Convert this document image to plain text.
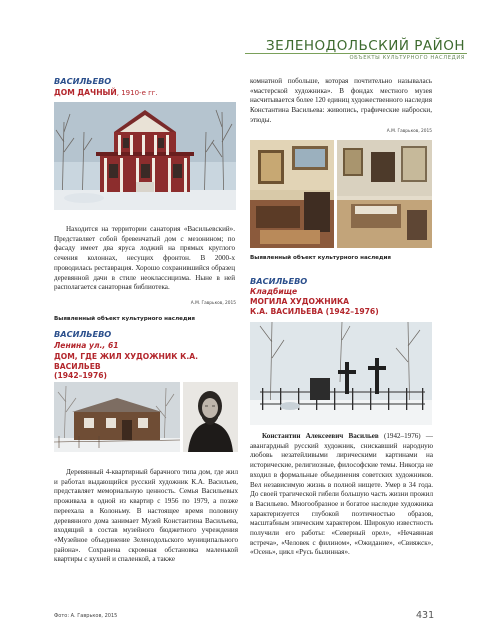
ЗЕЛЕНОДОЛЬСКИЙ РАЙОН
ОБЪЕКТЫ КУЛЬТУРНОГО НАСЛЕДИЯ
ВАСИЛЬЕВО
ДОМ ДАЧНЫЙ, 1910-е гг.
Находится на территории санатория «Васильевский». Представляет собой бревенчатый дом с мезонином; по фасаду имеет два яруса лоджий на прямых круглого сечения колоннах, несущих фронтон. В 2000-х проводилась реставрация. Хорошо сохранившийся образец деревянной дачи в стиле неоклассицизма. Ныне в ней располагается санаторная библиотека.
А.М. Гаврьков, 2015
Выявленный объект культурного наследия
ВАСИЛЬЕВО
Ленина ул., 61
ДОМ, ГДЕ ЖИЛ ХУДОЖНИК К.А. ВАСИЛЬЕВ
(1942–1976)
Деревянный 4-квартирный барачного типа дом, где жил и работал выдающийся русский художник К.А. Васильев, представляет мемориальную ценность. Семья Васильевых проживала в одной из квартир с 1956 по 1979, а позже переехала в Колоньму. В настоящее время половину деревянного дома занимает Музей Константина Васильева, входящий в состав музейного бюджетного учреждения «Музейное объединение Зеленодольского муниципального района». Сохранена скромная обстановка маленькой квартиры с кухней и спаленкой, а также
комнатной побольше, которая почтительно называлась «мастерской художника». В фондах местного музея насчитывается более 120 единиц художественного наследия Константина Васильева: живопись, графические наброски, этюды.
А.М. Гаврьков, 2015
Выявленный объект культурного наследия
ВАСИЛЬЕВО
Кладбище
МОГИЛА ХУДОЖНИКА
К.А. ВАСИЛЬЕВА (1942–1976)
Константин Алексеевич Васильев (1942–1976) — авангардный русский художник, снискавший народную любовь незатейливыми лирическими картинами на исторические, религиозные, философские темы. Никогда не входил в формальные объединения советских художников. Вел независимую жизнь в полной нищете. Умер в 34 года. До своей трагической гибели большую часть жизни прожил в Васильево. Многообразное и богатое наследие художника характеризуется глубокой поэтичностью образов, масштабным эпическим характером. Широкую известность получили его работы: «Северный орел», «Нечаянная встреча», «Человек с филином», «Ожидание», «Свияжск», «Осень», цикл «Русь былинная».
Фото: А. Гаврьков, 2015	431
